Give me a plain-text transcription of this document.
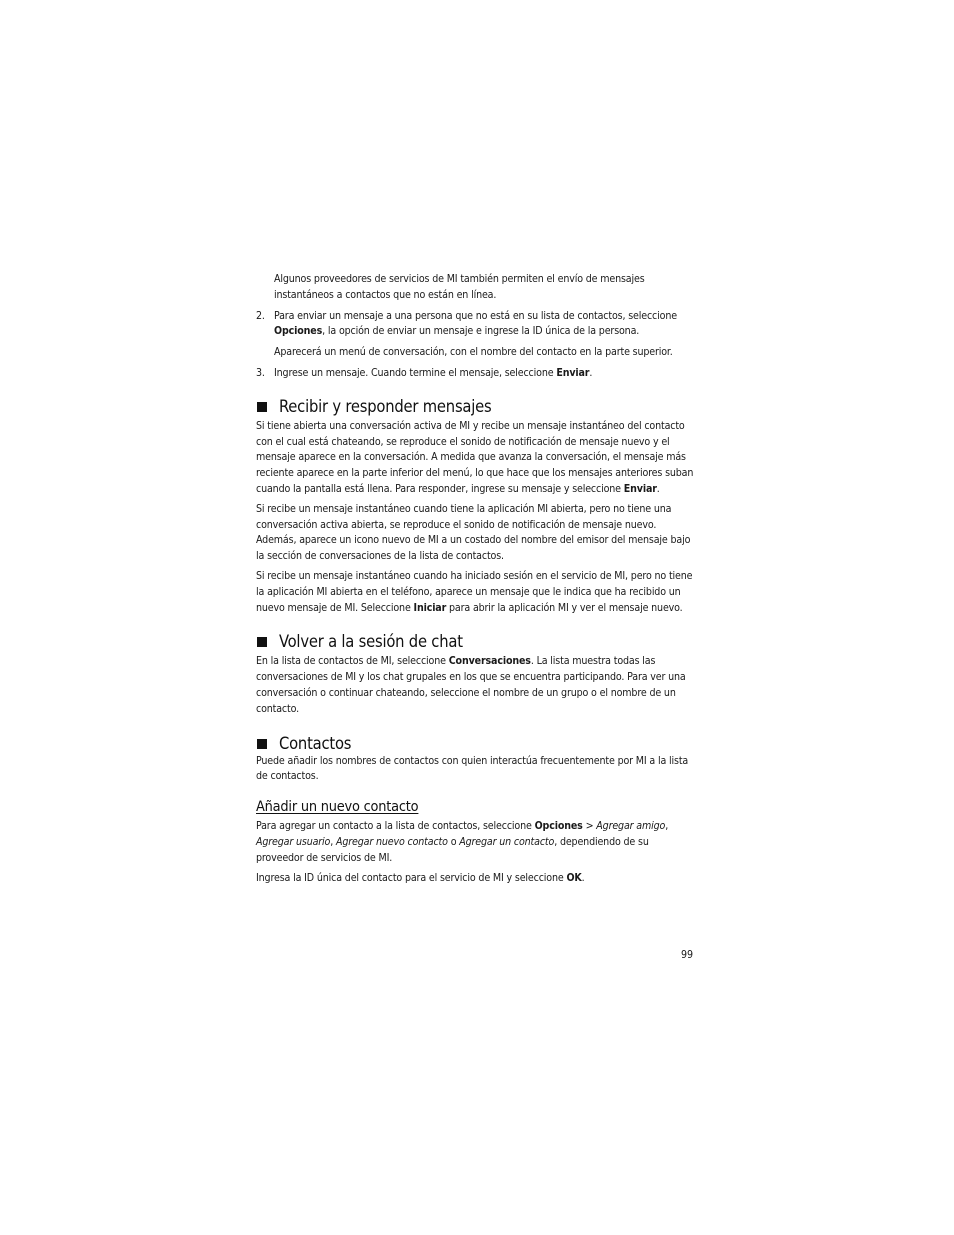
Algunos proveedores de servicios de MI también permiten el envío de mensajes instantáneos a contactos que no están en línea.

2. Para enviar un mensaje a una persona que no está en su lista de contactos, seleccione Opciones, la opción de enviar un mensaje e ingrese la ID única de la persona.

Aparecerá un menú de conversación, con el nombre del contacto en la parte superior.

3. Ingrese un mensaje. Cuando termine el mensaje, seleccione Enviar.
Recibir y responder mensajes

Si tiene abierta una conversación activa de MI y recibe un mensaje instantáneo del contacto con el cual está chateando, se reproduce el sonido de notificación de mensaje nuevo y el mensaje aparece en la conversación. A medida que avanza la conversación, el mensaje más reciente aparece en la parte inferior del menú, lo que hace que los mensajes anteriores suban cuando la pantalla está llena. Para responder, ingrese su mensaje y seleccione Enviar.

Si recibe un mensaje instantáneo cuando tiene la aplicación MI abierta, pero no tiene una conversación activa abierta, se reproduce el sonido de notificación de mensaje nuevo. Además, aparece un icono nuevo de MI a un costado del nombre del emisor del mensaje bajo la sección de conversaciones de la lista de contactos.

Si recibe un mensaje instantáneo cuando ha iniciado sesión en el servicio de MI, pero no tiene la aplicación MI abierta en el teléfono, aparece un mensaje que le indica que ha recibido un nuevo mensaje de MI. Seleccione Iniciar para abrir la aplicación MI y ver el mensaje nuevo.

Volver a la sesión de chat

En la lista de contactos de MI, seleccione Conversaciones. La lista muestra todas las conversaciones de MI y los chat grupales en los que se encuentra participando. Para ver una conversación o continuar chateando, seleccione el nombre de un grupo o el nombre de un contacto.

Contactos

Puede añadir los nombres de contactos con quien interactúa frecuentemente por MI a la lista de contactos.

Añadir un nuevo contacto

Para agregar un contacto a la lista de contactos, seleccione Opciones > Agregar amigo, Agregar usuario, Agregar nuevo contacto o Agregar un contacto, dependiendo de su proveedor de servicios de MI.

Ingresa la ID única del contacto para el servicio de MI y seleccione OK.

99
